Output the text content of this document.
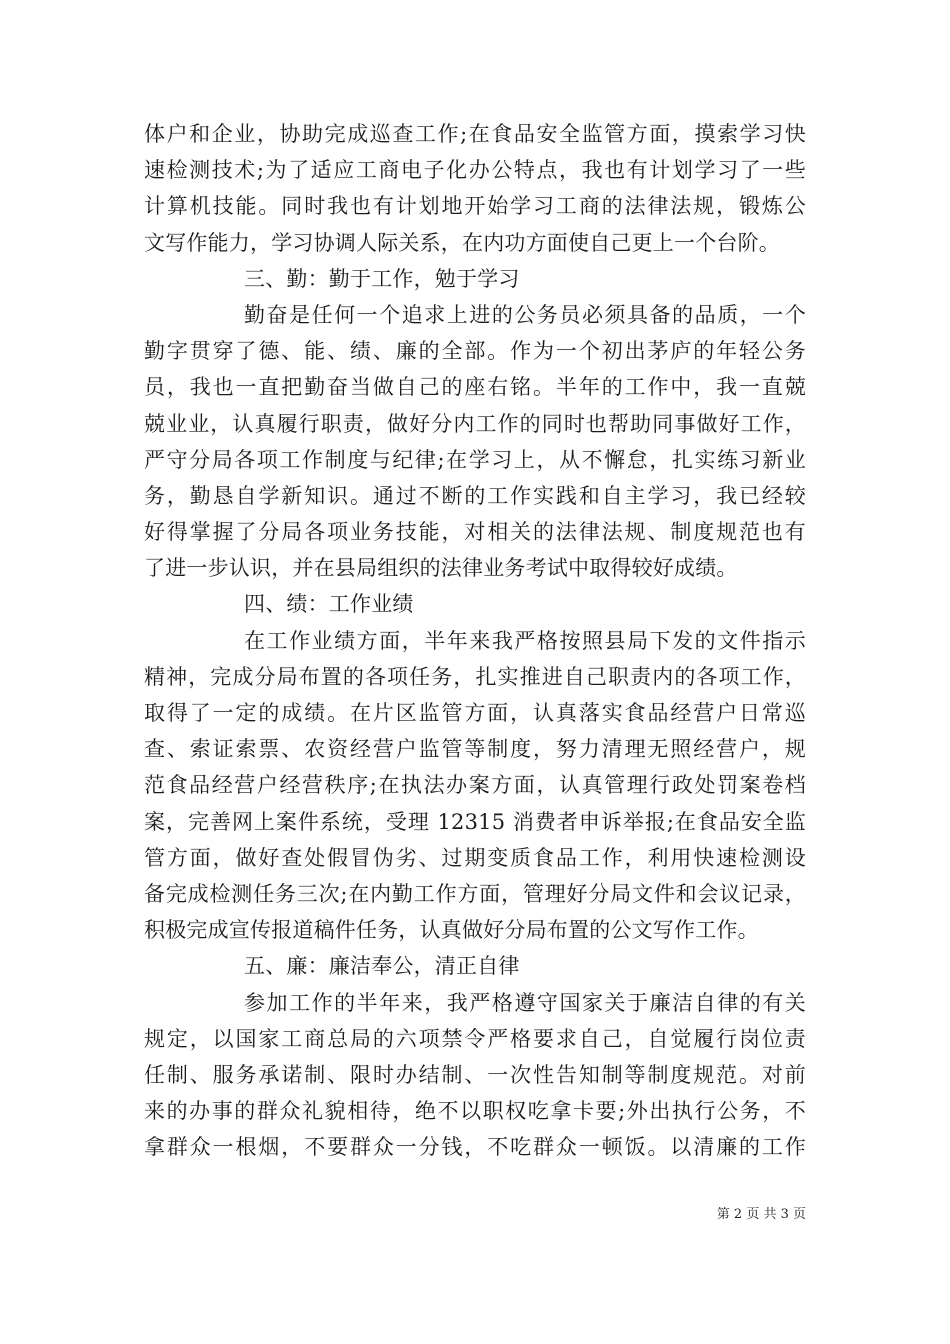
体户和企业，协助完成巡查工作;在食品安全监管方面，摸索学习快
速检测技术;为了适应工商电子化办公特点，我也有计划学习了一些
计算机技能。同时我也有计划地开始学习工商的法律法规，锻炼公
文写作能力，学习协调人际关系，在内功方面使自己更上一个台阶。
三、勤：勤于工作，勉于学习
勤奋是任何一个追求上进的公务员必须具备的品质，一个
勤字贯穿了德、能、绩、廉的全部。作为一个初出茅庐的年轻公务
员，我也一直把勤奋当做自己的座右铭。半年的工作中，我一直兢
兢业业，认真履行职责，做好分内工作的同时也帮助同事做好工作，
严守分局各项工作制度与纪律;在学习上，从不懈怠，扎实练习新业
务，勤恳自学新知识。通过不断的工作实践和自主学习，我已经较
好得掌握了分局各项业务技能，对相关的法律法规、制度规范也有
了进一步认识，并在县局组织的法律业务考试中取得较好成绩。
四、绩：工作业绩
在工作业绩方面，半年来我严格按照县局下发的文件指示
精神，完成分局布置的各项任务，扎实推进自己职责内的各项工作，
取得了一定的成绩。在片区监管方面，认真落实食品经营户日常巡
查、索证索票、农资经营户监管等制度，努力清理无照经营户，规
范食品经营户经营秩序;在执法办案方面，认真管理行政处罚案卷档
案，完善网上案件系统，受理 12315 消费者申诉举报;在食品安全监
管方面，做好查处假冒伪劣、过期变质食品工作，利用快速检测设
备完成检测任务三次;在内勤工作方面，管理好分局文件和会议记录，
积极完成宣传报道稿件任务，认真做好分局布置的公文写作工作。
五、廉：廉洁奉公，清正自律
参加工作的半年来，我严格遵守国家关于廉洁自律的有关
规定，以国家工商总局的六项禁令严格要求自己，自觉履行岗位责
任制、服务承诺制、限时办结制、一次性告知制等制度规范。对前
来的办事的群众礼貌相待，绝不以职权吃拿卡要;外出执行公务，不
拿群众一根烟，不要群众一分钱，不吃群众一顿饭。以清廉的工作
第 2 页 共 3 页
